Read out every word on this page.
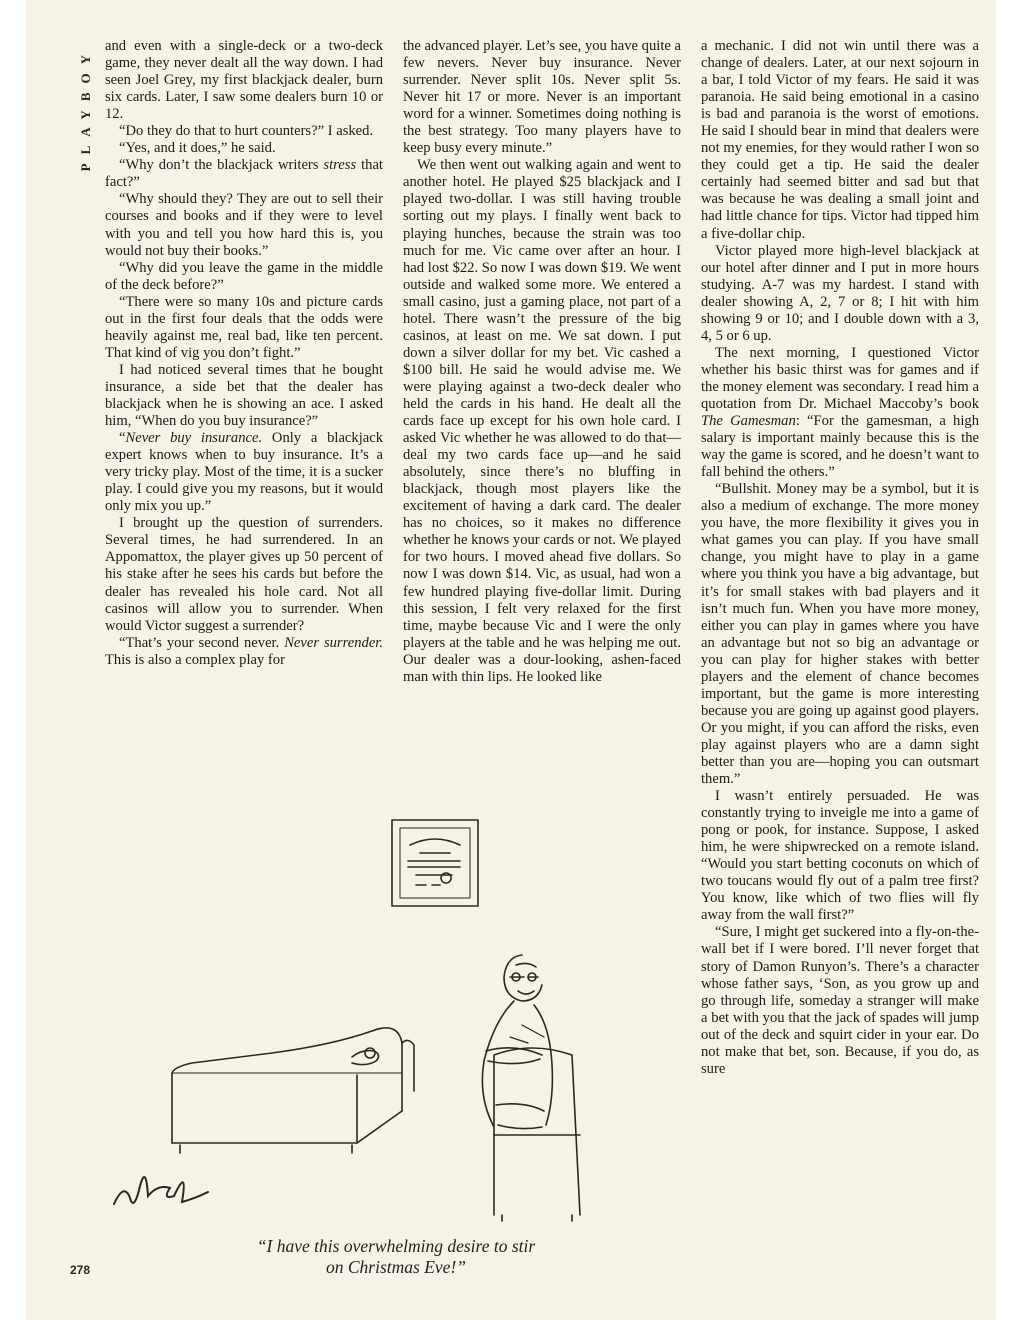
PLAYBOY and even with a single-deck or a two-deck game, they never dealt all the way down. I had seen Joel Grey, my first blackjack dealer, burn six cards. Later, I saw some dealers burn 10 or 12.

“Do they do that to hurt counters?” I asked.

“Yes, and it does,” he said.

“Why don’t the blackjack writers stress that fact?”

“Why should they? They are out to sell their courses and books and if they were to level with you and tell you how hard this is, you would not buy their books.”

“Why did you leave the game in the middle of the deck before?”

“There were so many 10s and picture cards out in the first four deals that the odds were heavily against me, real bad, like ten percent. That kind of vig you don’t fight.”

I had noticed several times that he bought insurance, a side bet that the dealer has blackjack when he is showing an ace. I asked him, “When do you buy insurance?”

“Never buy insurance. Only a blackjack expert knows when to buy insurance. It’s a very tricky play. Most of the time, it is a sucker play. I could give you my reasons, but it would only mix you up.”

I brought up the question of surrenders. Several times, he had surrendered. In an Appomattox, the player gives up 50 percent of his stake after he sees his cards but before the dealer has revealed his hole card. Not all casinos will allow you to surrender. When would Victor suggest a surrender?

“That’s your second never. Never surrender. This is also a complex play for

the advanced player. Let’s see, you have quite a few nevers. Never buy insurance. Never surrender. Never split 10s. Never split 5s. Never hit 17 or more. Never is an important word for a winner. Sometimes doing nothing is the best strategy. Too many players have to keep busy every minute.”

We then went out walking again and went to another hotel. He played $25 blackjack and I played two-dollar. I was still having trouble sorting out my plays. I finally went back to playing hunches, because the strain was too much for me. Vic came over after an hour. I had lost $22. So now I was down $19. We went outside and walked some more. We entered a small casino, just a gaming place, not part of a hotel. There wasn’t the pressure of the big casinos, at least on me. We sat down. I put down a silver dollar for my bet. Vic cashed a $100 bill. He said he would advise me. We were playing against a two-deck dealer who held the cards in his hand. He dealt all the cards face up except for his own hole card. I asked Vic whether he was allowed to do that—deal my two cards face up—and he said absolutely, since there’s no bluffing in blackjack, though most players like the excitement of having a dark card. The dealer has no choices, so it makes no difference whether he knows your cards or not. We played for two hours. I moved ahead five dollars. So now I was down $14. Vic, as usual, had won a few hundred playing five-dollar limit. During this session, I felt very relaxed for the first time, maybe because Vic and I were the only players at the table and he was helping me out. Our dealer was a dour-looking, ashen-faced man with thin lips. He looked like

a mechanic. I did not win until there was a change of dealers. Later, at our next sojourn in a bar, I told Victor of my fears. He said it was paranoia. He said being emotional in a casino is bad and paranoia is the worst of emotions. He said I should bear in mind that dealers were not my enemies, for they would rather I won so they could get a tip. He said the dealer certainly had seemed bitter and sad but that was because he was dealing a small joint and had little chance for tips. Victor had tipped him a five-dollar chip.

Victor played more high-level blackjack at our hotel after dinner and I put in more hours studying. A-7 was my hardest. I stand with dealer showing A, 2, 7 or 8; I hit with him showing 9 or 10; and I double down with a 3, 4, 5 or 6 up.

The next morning, I questioned Victor whether his basic thirst was for games and if the money element was secondary. I read him a quotation from Dr. Michael Maccoby’s book The Gamesman: “For the gamesman, a high salary is important mainly because this is the way the game is scored, and he doesn’t want to fall behind the others.”

“Bullshit. Money may be a symbol, but it is also a medium of exchange. The more money you have, the more flexibility it gives you in what games you can play. If you have small change, you might have to play in a game where you think you have a big advantage, but it’s for small stakes with bad players and it isn’t much fun. When you have more money, either you can play in games where you have an advantage but not so big an advantage or you can play for higher stakes with better players and the element of chance becomes important, but the game is more interesting because you are going up against good players. Or you might, if you can afford the risks, even play against players who are a damn sight better than you are—hoping you can outsmart them.”

I wasn’t entirely persuaded. He was constantly trying to inveigle me into a game of pong or pook, for instance. Suppose, I asked him, he were shipwrecked on a remote island. “Would you start betting coconuts on which of two toucans would fly out of a palm tree first? You know, like which of two flies will fly away from the wall first?”

“Sure, I might get suckered into a fly-on-the-wall bet if I were bored. I’ll never forget that story of Damon Runyon’s. There’s a character whose father says, ‘Son, as you grow up and go through life, someday a stranger will make a bet with you that the jack of spades will jump out of the deck and squirt cider in your ear. Do not make that bet, son. Because, if you do, as sure

“I have this overwhelming desire to stir
on Christmas Eve!”
278
